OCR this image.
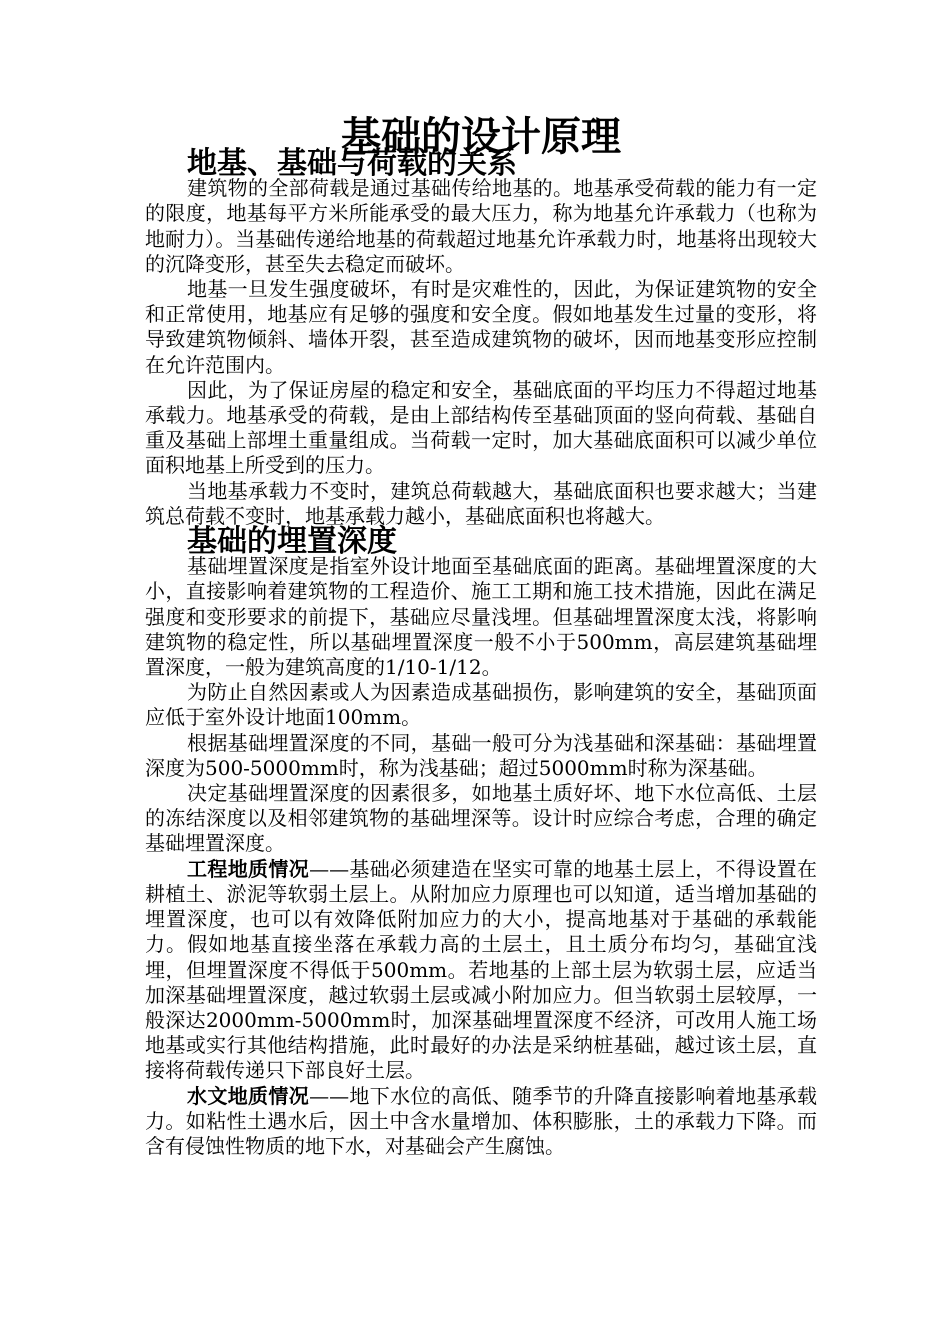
基础的设计原理
地基、基础与荷载的关系

建筑物的全部荷载是通过基础传给地基的。地基承受荷载的能力有一定的限度，地基每平方米所能承受的最大压力，称为地基允许承载力（也称为地耐力）。当基础传递给地基的荷载超过地基允许承载力时，地基将出现较大的沉降变形，甚至失去稳定而破坏。

地基一旦发生强度破坏，有时是灾难性的，因此，为保证建筑物的安全和正常使用，地基应有足够的强度和安全度。假如地基发生过量的变形，将导致建筑物倾斜、墙体开裂，甚至造成建筑物的破坏，因而地基变形应控制在允许范围内。

因此，为了保证房屋的稳定和安全，基础底面的平均压力不得超过地基承载力。地基承受的荷载，是由上部结构传至基础顶面的竖向荷载、基础自重及基础上部埋土重量组成。当荷载一定时，加大基础底面积可以减少单位面积地基上所受到的压力。

当地基承载力不变时，建筑总荷载越大，基础底面积也要求越大；当建筑总荷载不变时，地基承载力越小，基础底面积也将越大。

基础的埋置深度

基础埋置深度是指室外设计地面至基础底面的距离。基础埋置深度的大小，直接影响着建筑物的工程造价、施工工期和施工技术措施，因此在满足强度和变形要求的前提下，基础应尽量浅埋。但基础埋置深度太浅，将影响建筑物的稳定性，所以基础埋置深度一般不小于500mm，高层建筑基础埋置深度，一般为建筑高度的1/10-1/12。

为防止自然因素或人为因素造成基础损伤，影响建筑的安全，基础顶面应低于室外设计地面100mm。

根据基础埋置深度的不同，基础一般可分为浅基础和深基础：基础埋置深度为500-5000mm时，称为浅基础；超过5000mm时称为深基础。

决定基础埋置深度的因素很多，如地基土质好坏、地下水位高低、土层的冻结深度以及相邻建筑物的基础埋深等。设计时应综合考虑，合理的确定基础埋置深度。

工程地质情况——基础必须建造在坚实可靠的地基土层上，不得设置在耕植土、淤泥等软弱土层上。从附加应力原理也可以知道，适当增加基础的埋置深度，也可以有效降低附加应力的大小，提高地基对于基础的承载能力。假如地基直接坐落在承载力高的土层土，且土质分布均匀，基础宜浅埋，但埋置深度不得低于500mm。若地基的上部土层为软弱土层，应适当加深基础埋置深度，越过软弱土层或减小附加应力。但当软弱土层较厚，一般深达2000mm-5000mm时，加深基础埋置深度不经济，可改用人施工场地基或实行其他结构措施，此时最好的办法是采纳桩基础，越过该土层，直接将荷载传递只下部良好土层。

水文地质情况——地下水位的高低、随季节的升降直接影响着地基承载力。如粘性土遇水后，因土中含水量增加、体积膨胀，土的承载力下降。而含有侵蚀性物质的地下水，对基础会产生腐蚀。
